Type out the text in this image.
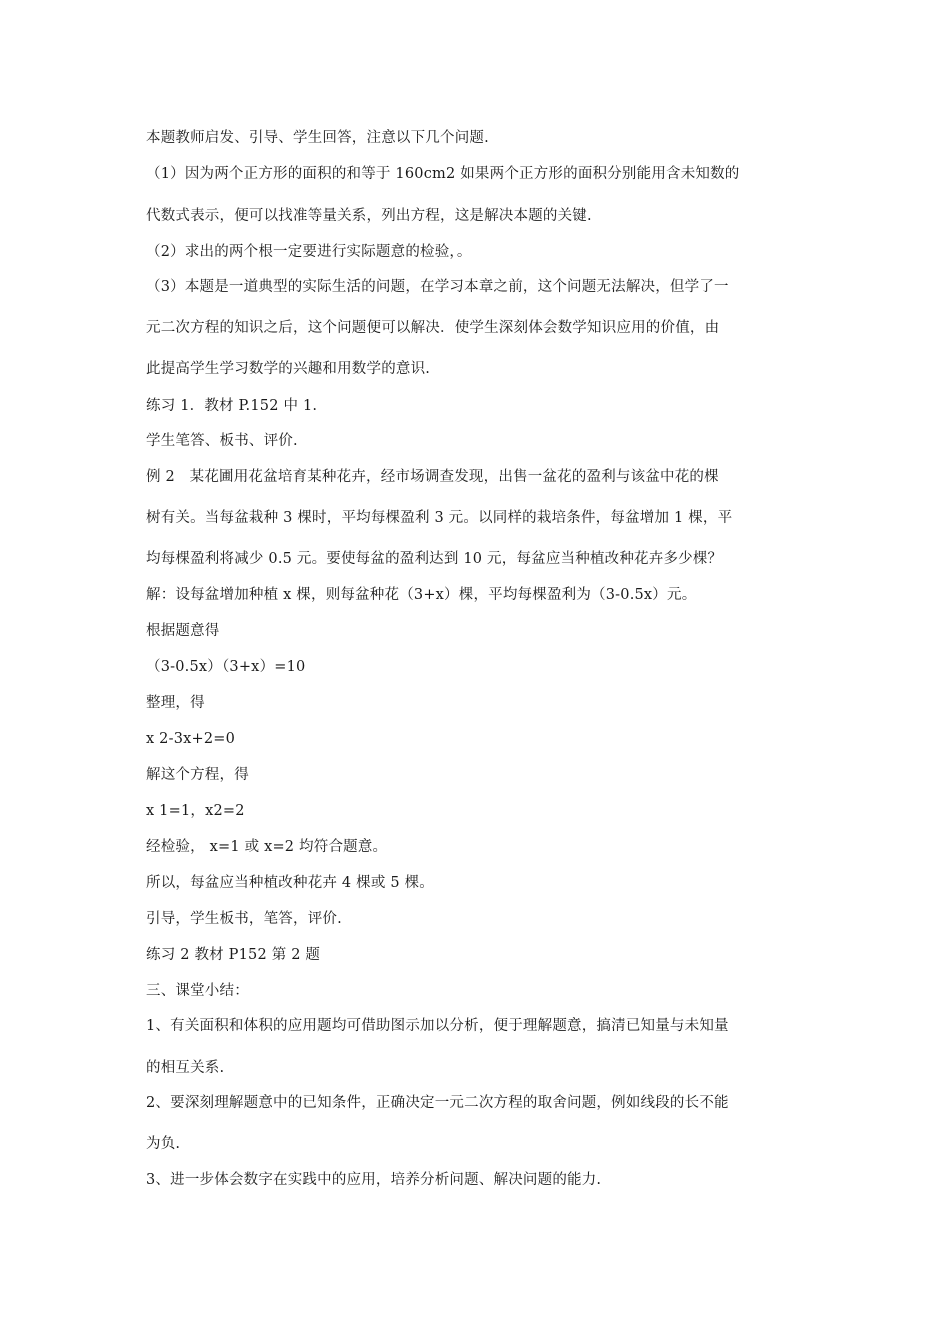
本题教师启发、引导、学生回答，注意以下几个问题.
（1）因为两个正方形的面积的和等于 160cm2 如果两个正方形的面积分别能用含未知数的
代数式表示，便可以找准等量关系，列出方程，这是解决本题的关键.
（2）求出的两个根一定要进行实际题意的检验，。
（3）本题是一道典型的实际生活的问题，在学习本章之前，这个问题无法解决，但学了一
元二次方程的知识之后，这个问题便可以解决．使学生深刻体会数学知识应用的价值，由
此提高学生学习数学的兴趣和用数学的意识.
练习 1．教材 P.152 中 1.
学生笔答、板书、评价.
例 2　某花圃用花盆培育某种花卉，经市场调查发现，出售一盆花的盈利与该盆中花的棵
树有关。当每盆栽种 3 棵时，平均每棵盈利 3 元。以同样的栽培条件，每盆增加 1 棵，平
均每棵盈利将减少 0.5 元。要使每盆的盈利达到 10 元，每盆应当种植改种花卉多少棵？
解：设每盆增加种植 x 棵，则每盆种花（3+x）棵，平均每棵盈利为（3-0.5x）元。
根据题意得
（3-0.5x）（3+x）=10
整理，得
x 2-3x+2=0
解这个方程，得
x 1=1，x2=2
经检验， x=1 或 x=2 均符合题意。
所以，每盆应当种植改种花卉 4 棵或 5 棵。
引导，学生板书，笔答，评价.
练习 2 教材 P152 第 2 题
三、课堂小结：
1、有关面积和体积的应用题均可借助图示加以分析，便于理解题意，搞清已知量与未知量
的相互关系.
2、要深刻理解题意中的已知条件，正确决定一元二次方程的取舍问题，例如线段的长不能
为负.
3、进一步体会数字在实践中的应用，培养分析问题、解决问题的能力.
